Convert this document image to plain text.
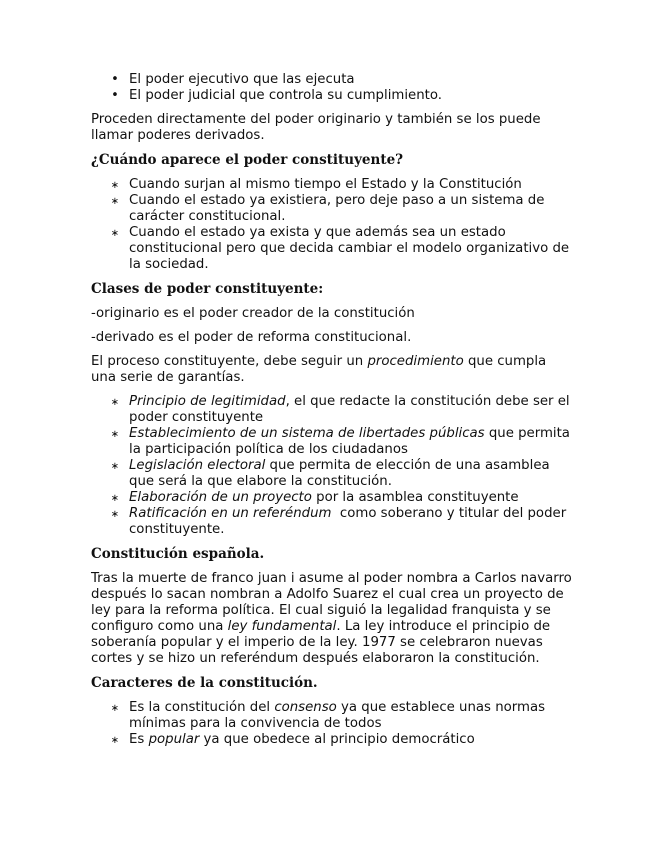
• El poder ejecutivo que las ejecuta
• El poder judicial que controla su cumplimiento.

Proceden directamente del poder originario y también se los puede llamar poderes derivados.

¿Cuándo aparece el poder constituyente?
∗ Cuando surjan al mismo tiempo el Estado y la Constitución
∗ Cuando el estado ya existiera, pero deje paso a un sistema de carácter constitucional.
∗ Cuando el estado ya exista y que además sea un estado constitucional pero que decida cambiar el modelo organizativo de la sociedad.
Clases de poder constituyente:

-originario es el poder creador de la constitución

-derivado es el poder de reforma constitucional.

El proceso constituyente, debe seguir un procedimiento que cumpla una serie de garantías.

∗ Principio de legitimidad, el que redacte la constitución debe ser el poder constituyente
∗ Establecimiento de un sistema de libertades públicas que permita la participación política de los ciudadanos
∗ Legislación electoral que permita de elección de una asamblea que será la que elabore la constitución.
∗ Elaboración de un proyecto por la asamblea constituyente
∗ Ratificación en un referéndum  como soberano y titular del poder constituyente.
Constitución española.

Tras la muerte de franco juan i asume al poder nombra a Carlos navarro después lo sacan nombran a Adolfo Suarez el cual crea un proyecto de ley para la reforma política. El cual siguió la legalidad franquista y se configuro como una ley fundamental. La ley introduce el principio de soberanía popular y el imperio de la ley. 1977 se celebraron nuevas cortes y se hizo un referéndum después elaboraron la constitución.

Caracteres de la constitución.
∗ Es la constitución del consenso ya que establece unas normas mínimas para la convivencia de todos
∗ Es popular ya que obedece al principio democrático
